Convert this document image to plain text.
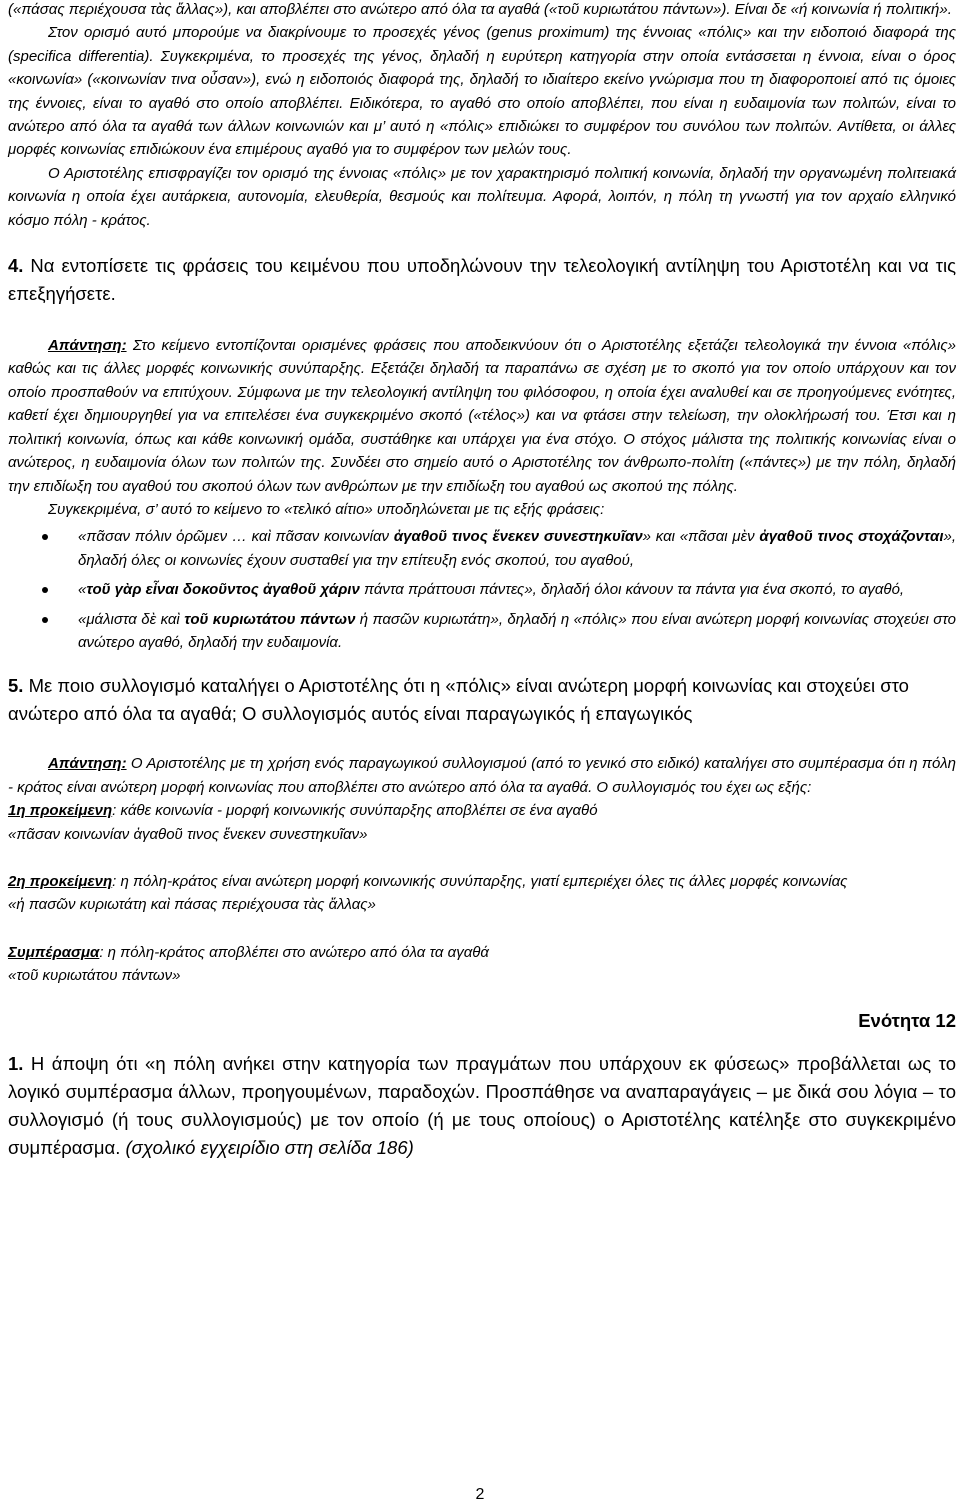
(«πάσας περιέχουσα τὰς ἄλλας»), και αποβλέπει στο ανώτερο από όλα τα αγαθά («τοῦ κυριωτάτου πάντων»). Είναι δε «ή κοινωνία ή πολιτική».
Στον ορισμό αυτό μπορούμε να διακρίνουμε το προσεχές γένος (genus proximum) της έννοιας «πόλις» και την ειδοποιό διαφορά της (specifica differentia). Συγκεκριμένα, το προσεχές της γένος, δηλαδή η ευρύτερη κατηγορία στην οποία εντάσσεται η έννοια, είναι ο όρος «κοινωνία» («κοινωνίαν τινα οὖσαν»), ενώ η ειδοποιός διαφορά της, δηλαδή το ιδιαίτερο εκείνο γνώρισμα που τη διαφοροποιεί από τις όμοιες της έννοιες, είναι το αγαθό στο οποίο αποβλέπει. Ειδικότερα, το αγαθό στο οποίο αποβλέπει, που είναι η ευδαιμονία των πολιτών, είναι το ανώτερο από όλα τα αγαθά των άλλων κοινωνιών και μ’ αυτό η «πόλις» επιδιώκει το συμφέρον του συνόλου των πολιτών. Αντίθετα, οι άλλες μορφές κοινωνίας επιδιώκουν ένα επιμέρους αγαθό για το συμφέρον των μελών τους.
Ο Αριστοτέλης επισφραγίζει τον ορισμό της έννοιας «πόλις» με τον χαρακτηρισμό πολιτική κοινωνία, δηλαδή την οργανωμένη πολιτειακά κοινωνία η οποία έχει αυτάρκεια, αυτονομία, ελευθερία, θεσμούς και πολίτευμα. Αφορά, λοιπόν, η πόλη τη γνωστή για τον αρχαίο ελληνικό κόσμο πόλη - κράτος.
4. Να εντοπίσετε τις φράσεις του κειμένου που υποδηλώνουν την τελεολογική αντίληψη του Αριστοτέλη και να τις επεξηγήσετε.
Απάντηση: Στο κείμενο εντοπίζονται ορισμένες φράσεις που αποδεικνύουν ότι ο Αριστοτέλης εξετάζει τελεολογικά την έννοια «πόλις» καθώς και τις άλλες μορφές κοινωνικής συνύπαρξης. Εξετάζει δηλαδή τα παραπάνω σε σχέση με το σκοπό για τον οποίο υπάρχουν και τον οποίο προσπαθούν να επιτύχουν. Σύμφωνα με την τελεολογική αντίληψη του φιλόσοφου, η οποία έχει αναλυθεί και σε προηγούμενες ενότητες, καθετί έχει δημιουργηθεί για να επιτελέσει ένα συγκεκριμένο σκοπό («τέλος») και να φτάσει στην τελείωση, την ολοκλήρωσή του. Έτσι και η πολιτική κοινωνία, όπως και κάθε κοινωνική ομάδα, συστάθηκε και υπάρχει για ένα στόχο. Ο στόχος μάλιστα της πολιτικής κοινωνίας είναι ο ανώτερος, η ευδαιμονία όλων των πολιτών της. Συνδέει στο σημείο αυτό ο Αριστοτέλης τον άνθρωπο-πολίτη («πάντες») με την πόλη, δηλαδή την επιδίωξη του αγαθού του σκοπού όλων των ανθρώπων με την επιδίωξη του αγαθού ως σκοπού της πόλης.
Συγκεκριμένα, σ’ αυτό το κείμενο το «τελικό αίτιο» υποδηλώνεται με τις εξής φράσεις:
«πᾶσαν πόλιν ὁρῶμεν … καὶ πᾶσαν κοινωνίαν ἀγαθοῦ τινος ἕνεκεν συνεστηκυῖαν» και «πᾶσαι μὲν ἀγαθοῦ τινος στοχάζονται», δηλαδή όλες οι κοινωνίες έχουν συσταθεί για την επίτευξη ενός σκοπού, του αγαθού,
«τοῦ γὰρ εἶναι δοκοῦντος ἀγαθοῦ χάριν πάντα πράττουσι πάντες», δηλαδή όλοι κάνουν τα πάντα για ένα σκοπό, το αγαθό,
«μάλιστα δὲ καὶ τοῦ κυριωτάτου πάντων ἡ πασῶν κυριωτάτη», δηλαδή η «πόλις» που είναι ανώτερη μορφή κοινωνίας στοχεύει στο ανώτερο αγαθό, δηλαδή την ευδαιμονία.
5. Με ποιο συλλογισμό καταλήγει ο Αριστοτέλης ότι η «πόλις» είναι ανώτερη μορφή κοινωνίας και στοχεύει στο ανώτερο από όλα τα αγαθά; Ο συλλογισμός αυτός είναι παραγωγικός ή επαγωγικός
Απάντηση: Ο Αριστοτέλης με τη χρήση ενός παραγωγικού συλλογισμού (από το γενικό στο ειδικό) καταλήγει στο συμπέρασμα ότι η πόλη - κράτος είναι ανώτερη μορφή κοινωνίας που αποβλέπει στο ανώτερο από όλα τα αγαθά. Ο συλλογισμός του έχει ως εξής:
1η προκείμενη: κάθε κοινωνία - μορφή κοινωνικής συνύπαρξης αποβλέπει σε ένα αγαθό
«πᾶσαν κοινωνίαν ἀγαθοῦ τινος ἕνεκεν συνεστηκυῖαν»
2η προκείμενη: η πόλη-κράτος είναι ανώτερη μορφή κοινωνικής συνύπαρξης, γιατί εμπεριέχει όλες τις άλλες μορφές κοινωνίας
«ἡ πασῶν κυριωτάτη καὶ πάσας περιέχουσα τὰς ἄλλας»
Συμπέρασμα: η πόλη-κράτος αποβλέπει στο ανώτερο από όλα τα αγαθά
«τοῦ κυριωτάτου πάντων»
Ενότητα 12
1. Η άποψη ότι «η πόλη ανήκει στην κατηγορία των πραγμάτων που υπάρχουν εκ φύσεως» προβάλλεται ως το λογικό συμπέρασμα άλλων, προηγουμένων, παραδοχών. Προσπάθησε να αναπαραγάγεις – με δικά σου λόγια – το συλλογισμό (ή τους συλλογισμούς) με τον οποίο (ή με τους οποίους) ο Αριστοτέλης κατέληξε στο συγκεκριμένο συμπέρασμα. (σχολικό εγχειρίδιο στη σελίδα 186)
2
